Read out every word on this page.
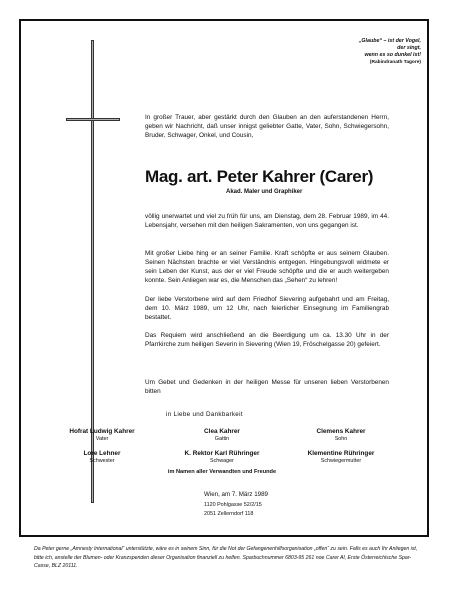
„Glaube“ – ist der Vogel,
der singt,
wenn es so dunkel ist!
(Rabindranath Tagore)
In großer Trauer, aber gestärkt durch den Glauben an den auferstandenen Herrn, geben wir Nachricht, daß unser innigst geliebter Gatte, Vater, Sohn, Schwiegersohn, Bruder, Schwager, Onkel, und Cousin,
Mag. art. Peter Kahrer (Carer)
Akad. Maler und Graphiker
völlig unerwartet und viel zu früh für uns, am Dienstag, dem 28. Februar 1989, im 44. Lebensjahr, versehen mit den heiligen Sakramenten, von uns gegangen ist.
Mit großer Liebe hing er an seiner Familie. Kraft schöpfte er aus seinem Glauben. Seinen Nächsten brachte er viel Verständnis entgegen. Hingebungsvoll widmete er sein Leben der Kunst, aus der er viel Freude schöpfte und die er auch weitergeben konnte. Sein Anliegen war es, die Menschen das „Sehen“ zu lehren!
Der liebe Verstorbene wird auf dem Friedhof Sievering aufgebahrt und am Freitag, dem 10. März 1989, um 12 Uhr, nach feierlicher Einsegnung im Familiengrab bestattet.
Das Requiem wird anschließend an die Beerdigung um ca. 13.30 Uhr in der Pfarrkirche zum heiligen Severin in Sievering (Wien 19, Fröschelgasse 20) gefeiert.
Um Gebet und Gedenken in der heiligen Messe für unseren lieben Verstorbenen bitten
in Liebe und Dankbarkeit
Hofrat Ludwig Kahrer
Vater
Clea Kahrer
Gattin
Clemens Kahrer
Sohn
Lore Lehner
Schwester
K. Rektor Karl Rühringer
Schwager
Klementine Rühringer
Schwiegermutter
im Namen aller Verwandten und Freunde
Wien, am 7. März 1989
1120 Pohlgasse 52/2/15
2051 Zellerndorf 118
Da Peter gerne „Amnesty International“ unterstützte, wäre es in seinem Sinn, für die Not der Gefangenenhilfsorganisation „offen“ zu sein. Falls es auch Ihr Anliegen ist, bitte ich, anstelle der Blumen- oder Kranzspenden dieser Organisation finanziell zu helfen. Sparbuchnummer 6803-95 261 noe Carer Al, Erste Österreichische Spar-Casse, BLZ 20111.
